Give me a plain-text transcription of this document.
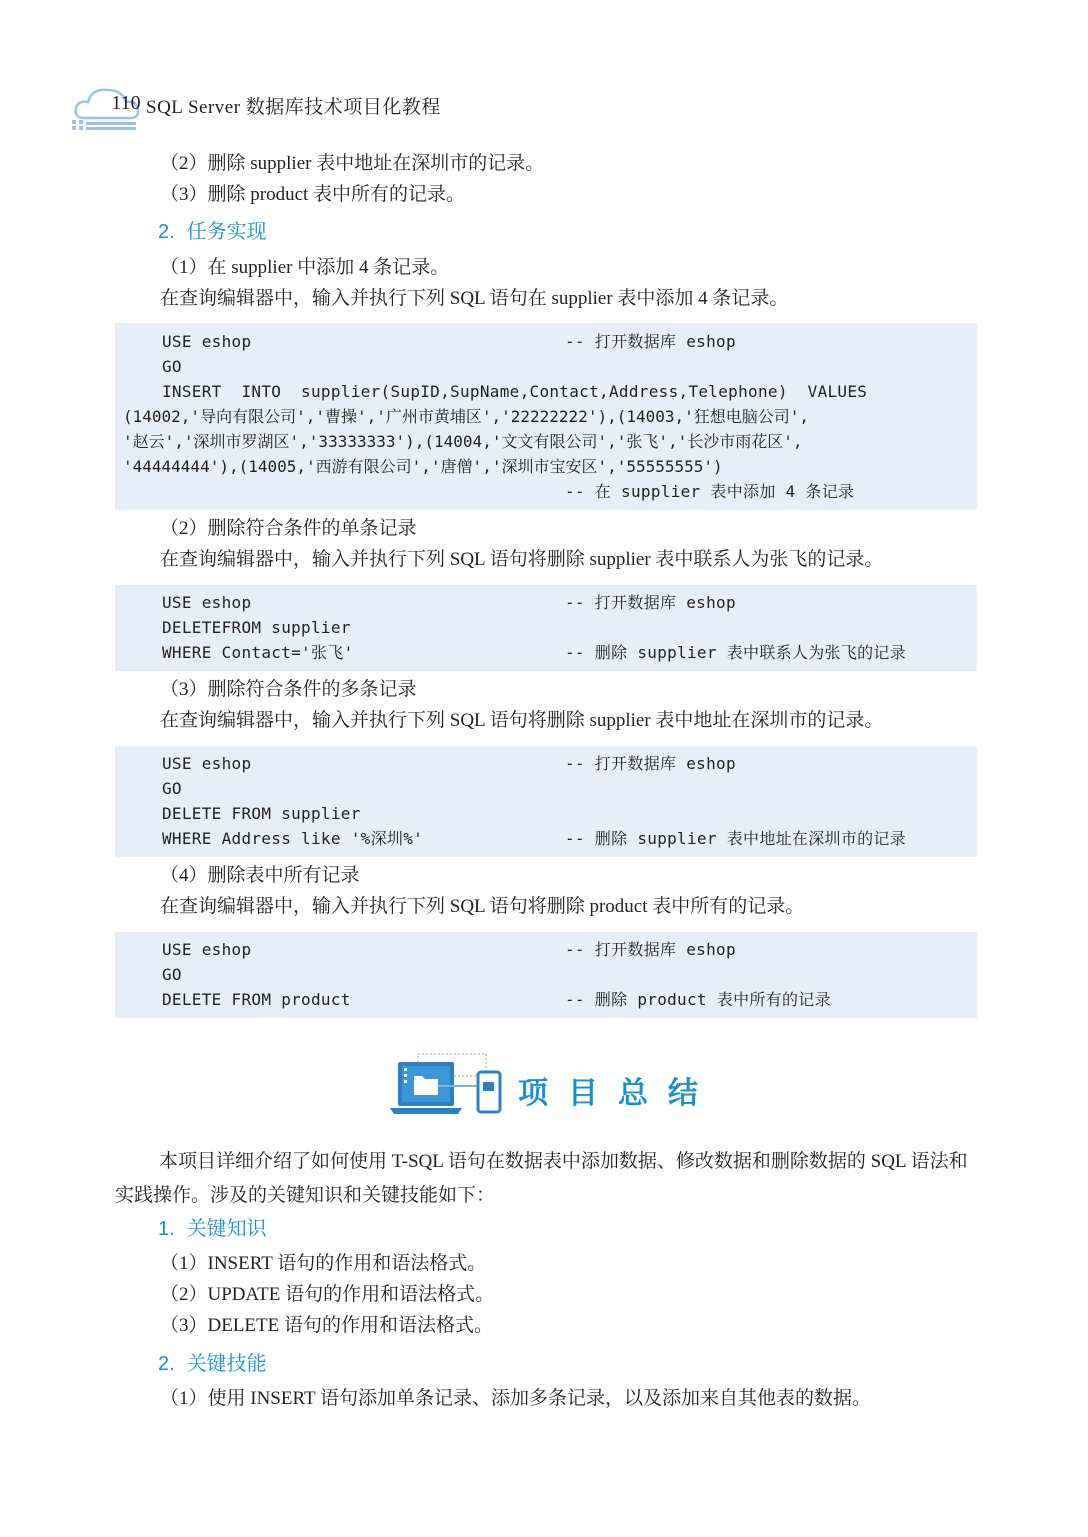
110 SQL Server 数据库技术项目化教程
（2）删除 supplier 表中地址在深圳市的记录。
（3）删除 product 表中所有的记录。
2. 任务实现
（1）在 supplier 中添加 4 条记录。
在查询编辑器中，输入并执行下列 SQL 语句在 supplier 表中添加 4 条记录。
USE eshop	-- 打开数据库 eshop
GO
INSERT  INTO  supplier(SupID,SupName,Contact,Address,Telephone)  VALUES
(14002,'导向有限公司','曹操','广州市黄埔区','22222222'),(14003,'狂想电脑公司',
'赵云','深圳市罗湖区','33333333'),(14004,'文文有限公司','张飞','长沙市雨花区',
'44444444'),(14005,'西游有限公司','唐僧','深圳市宝安区','55555555')
-- 在 supplier 表中添加 4 条记录
（2）删除符合条件的单条记录
在查询编辑器中，输入并执行下列 SQL 语句将删除 supplier 表中联系人为张飞的记录。
USE eshop	-- 打开数据库 eshop
DELETEFROM supplier
WHERE Contact='张飞'	-- 删除 supplier 表中联系人为张飞的记录
（3）删除符合条件的多条记录
在查询编辑器中，输入并执行下列 SQL 语句将删除 supplier 表中地址在深圳市的记录。
USE eshop	-- 打开数据库 eshop
GO
DELETE FROM supplier
WHERE Address like '%深圳%'	-- 删除 supplier 表中地址在深圳市的记录
（4）删除表中所有记录
在查询编辑器中，输入并执行下列 SQL 语句将删除 product 表中所有的记录。
USE eshop	-- 打开数据库 eshop
GO
DELETE FROM product	-- 删除 product 表中所有的记录
项目总结
本项目详细介绍了如何使用 T-SQL 语句在数据表中添加数据、修改数据和删除数据的 SQL 语法和实践操作。涉及的关键知识和关键技能如下：
1. 关键知识
（1）INSERT 语句的作用和语法格式。
（2）UPDATE 语句的作用和语法格式。
（3）DELETE 语句的作用和语法格式。
2. 关键技能
（1）使用 INSERT 语句添加单条记录、添加多条记录，以及添加来自其他表的数据。
